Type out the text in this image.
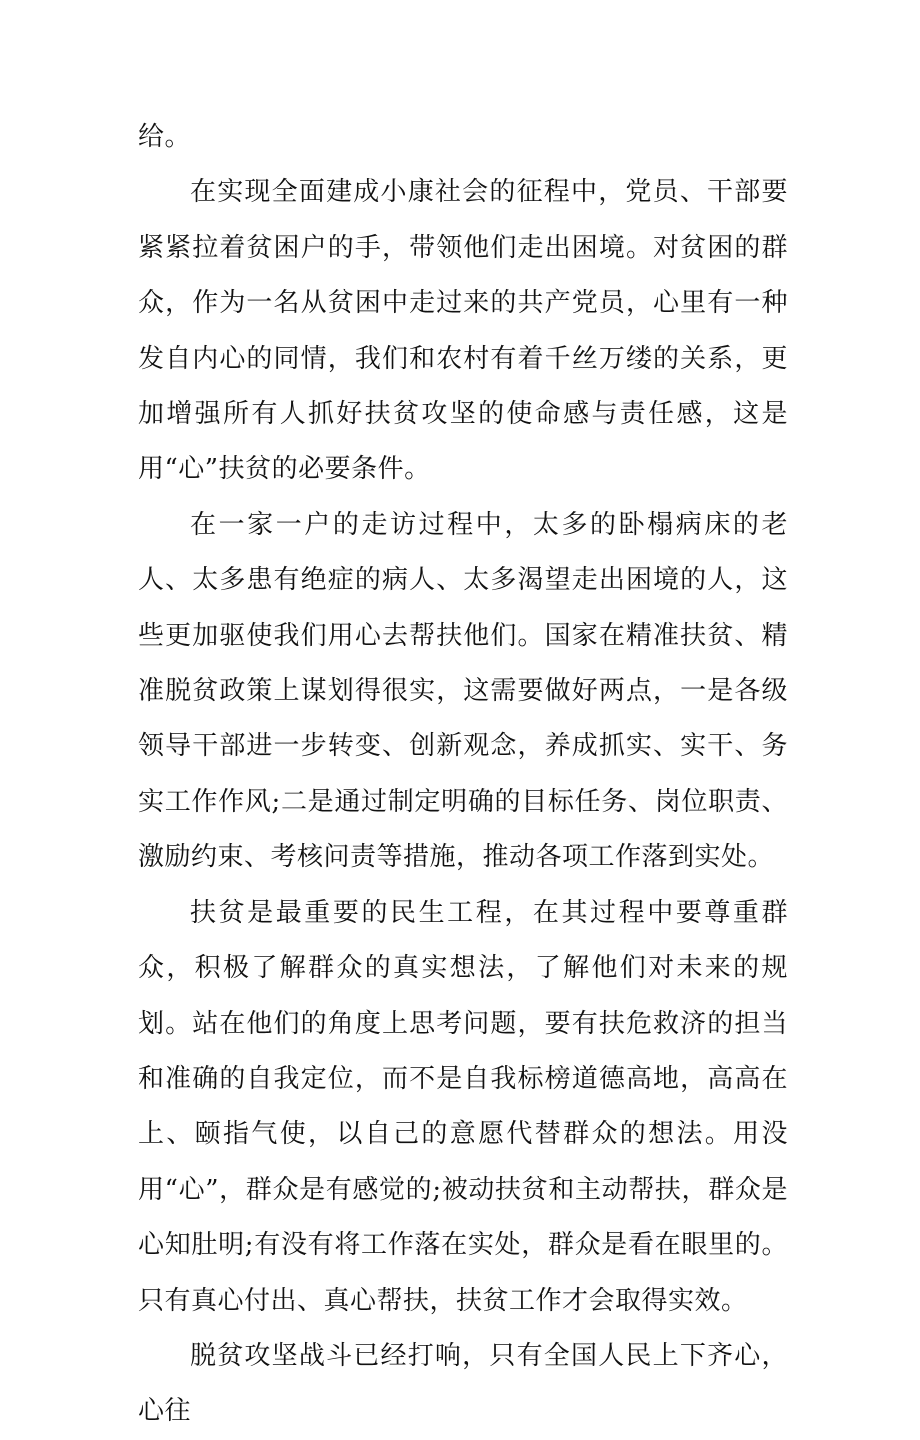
给。

在实现全面建成小康社会的征程中，党员、干部要紧紧拉着贫困户的手，带领他们走出困境。对贫困的群众，作为一名从贫困中走过来的共产党员，心里有一种发自内心的同情，我们和农村有着千丝万缕的关系，更加增强所有人抓好扶贫攻坚的使命感与责任感，这是用“心”扶贫的必要条件。

在一家一户的走访过程中，太多的卧榻病床的老人、太多患有绝症的病人、太多渴望走出困境的人，这些更加驱使我们用心去帮扶他们。国家在精准扶贫、精准脱贫政策上谋划得很实，这需要做好两点，一是各级领导干部进一步转变、创新观念，养成抓实、实干、务实工作作风;二是通过制定明确的目标任务、岗位职责、激励约束、考核问责等措施，推动各项工作落到实处。

扶贫是最重要的民生工程，在其过程中要尊重群众，积极了解群众的真实想法，了解他们对未来的规划。站在他们的角度上思考问题，要有扶危救济的担当和准确的自我定位，而不是自我标榜道德高地，高高在上、颐指气使，以自己的意愿代替群众的想法。用没用“心”，群众是有感觉的;被动扶贫和主动帮扶，群众是心知肚明;有没有将工作落在实处，群众是看在眼里的。只有真心付出、真心帮扶，扶贫工作才会取得实效。

脱贫攻坚战斗已经打响，只有全国人民上下齐心，心往
